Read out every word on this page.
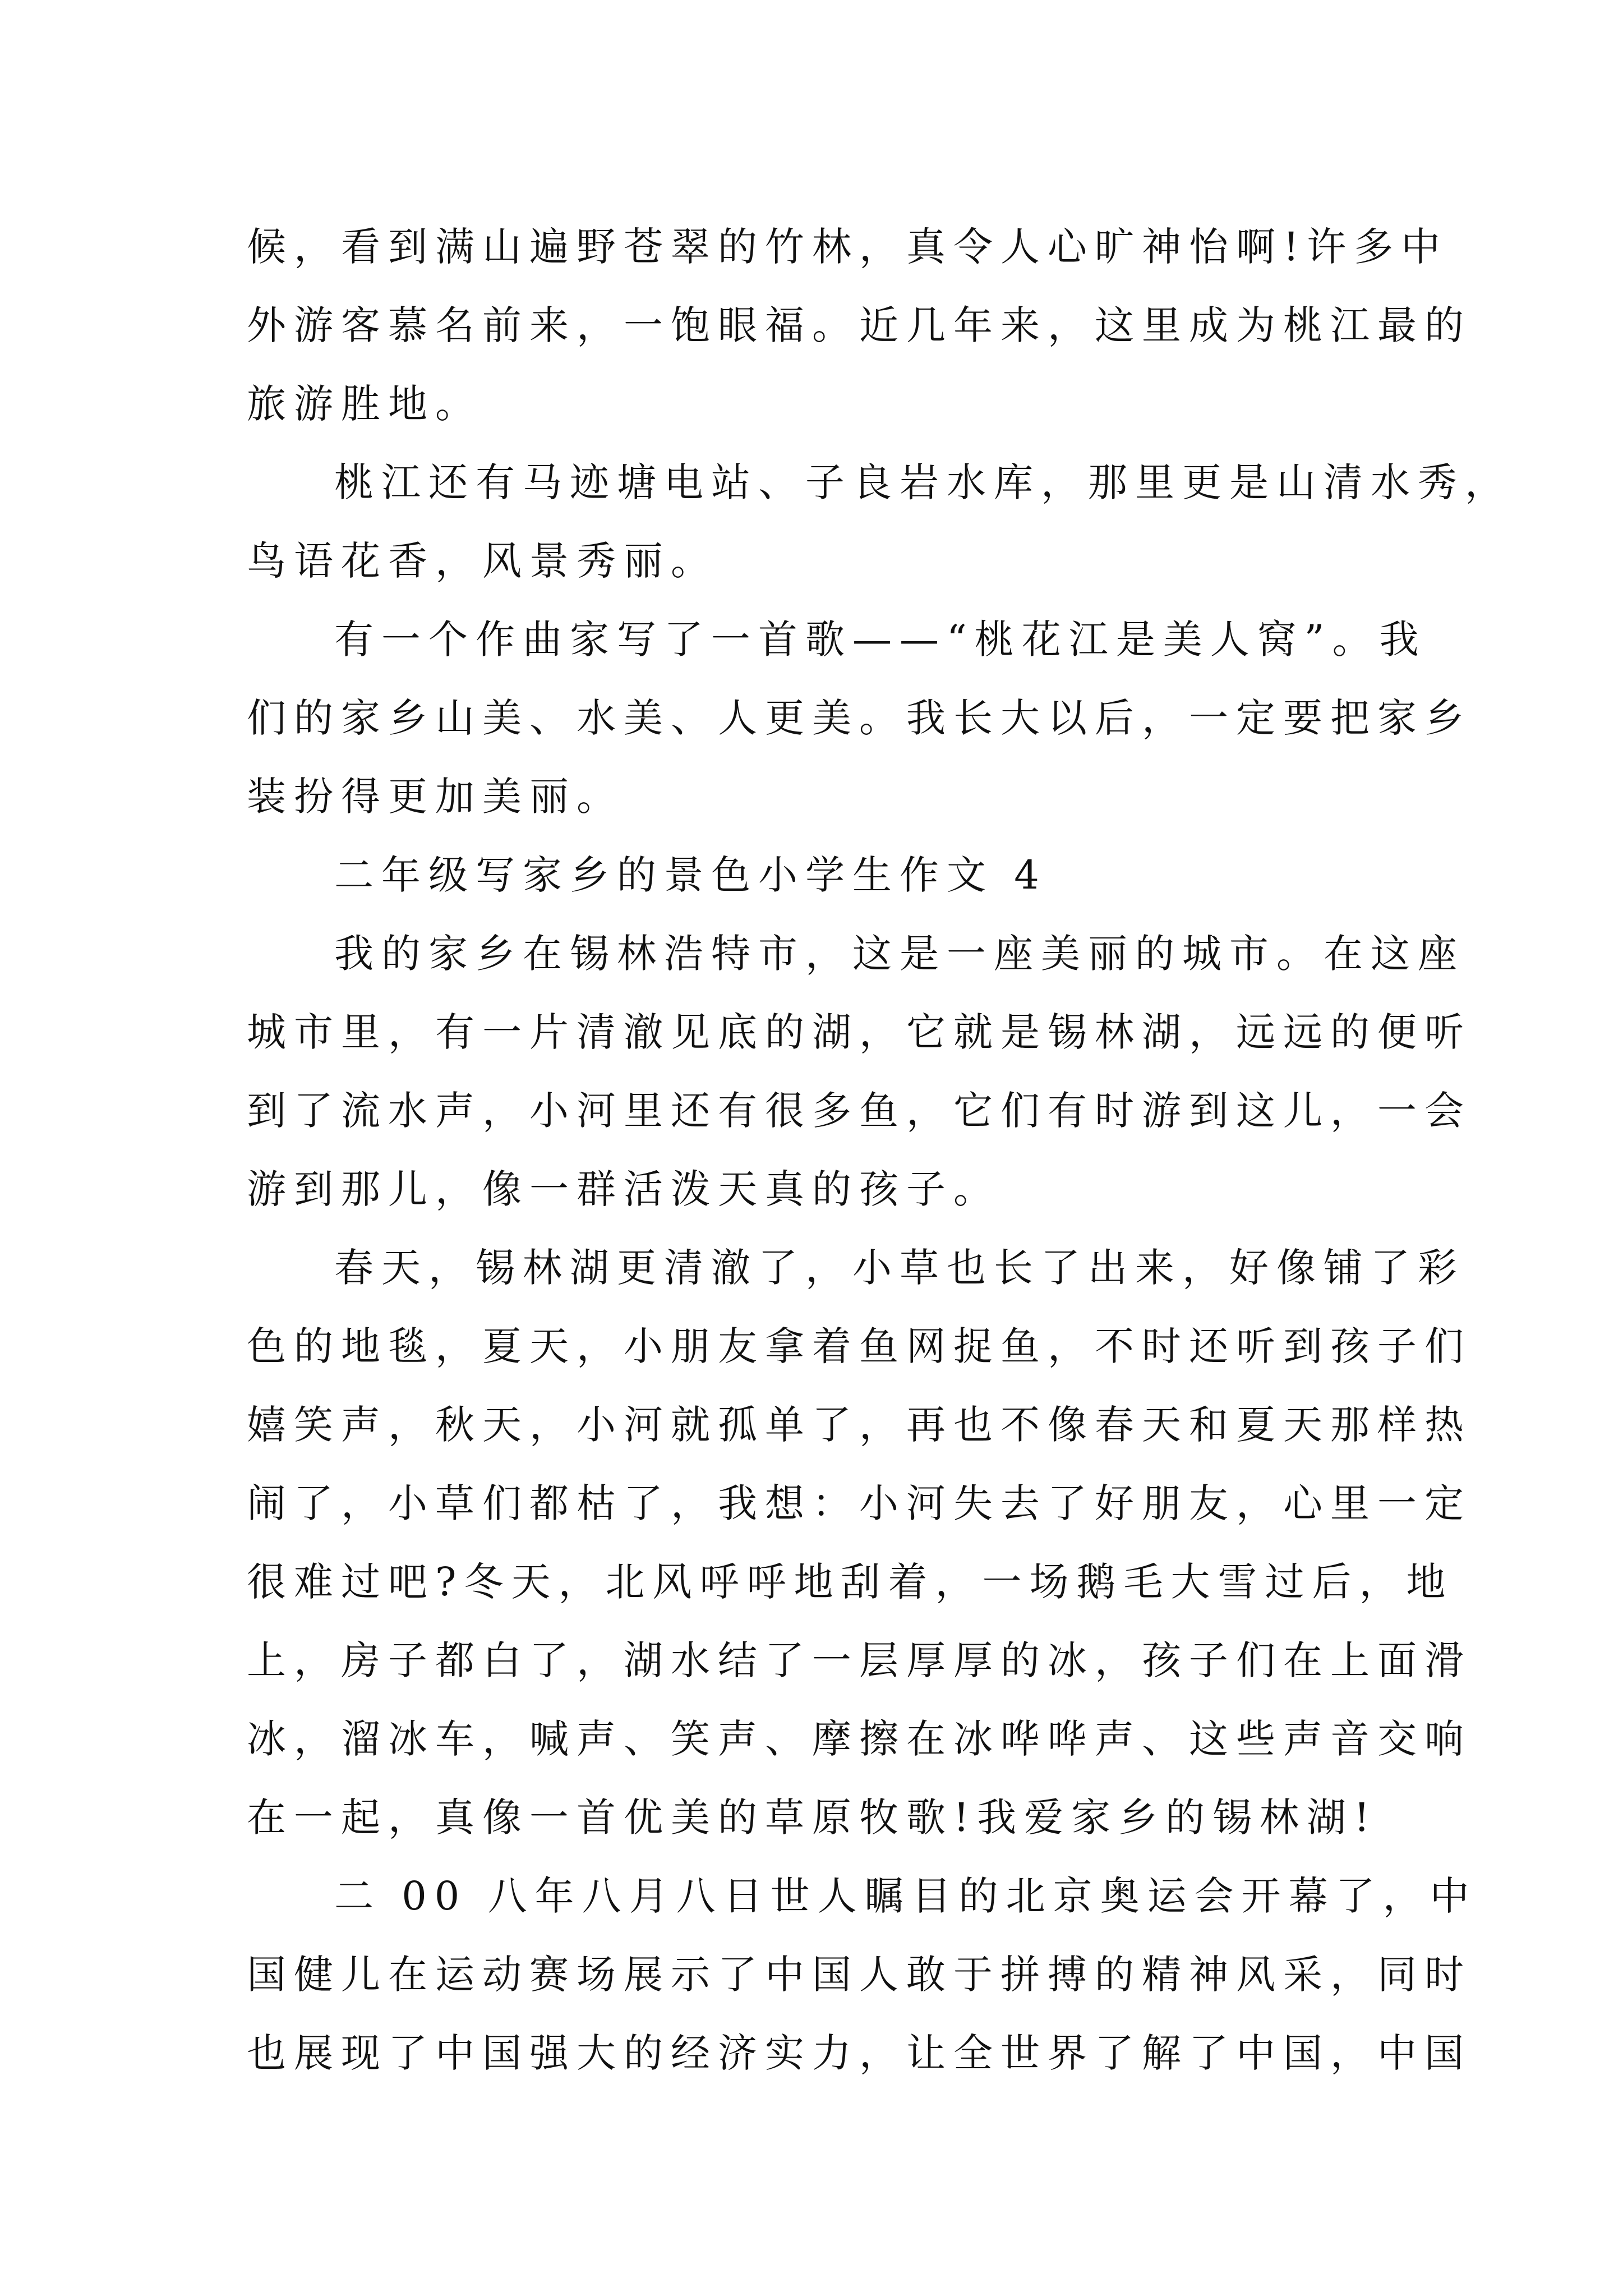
候，看到满山遍野苍翠的竹林，真令人心旷神怡啊!许多中
外游客慕名前来，一饱眼福。近几年来，这里成为桃江最的
旅游胜地。
桃江还有马迹塘电站、子良岩水库，那里更是山清水秀，
鸟语花香，风景秀丽。
有一个作曲家写了一首歌——“桃花江是美人窝”。我
们的家乡山美、水美、人更美。我长大以后，一定要把家乡
装扮得更加美丽。
二年级写家乡的景色小学生作文 4
我的家乡在锡林浩特市，这是一座美丽的城市。在这座
城市里，有一片清澈见底的湖，它就是锡林湖，远远的便听
到了流水声，小河里还有很多鱼，它们有时游到这儿，一会
游到那儿，像一群活泼天真的孩子。
春天，锡林湖更清澈了，小草也长了出来，好像铺了彩
色的地毯，夏天，小朋友拿着鱼网捉鱼，不时还听到孩子们
嬉笑声，秋天，小河就孤单了，再也不像春天和夏天那样热
闹了，小草们都枯了，我想：小河失去了好朋友，心里一定
很难过吧?冬天，北风呼呼地刮着，一场鹅毛大雪过后，地
上，房子都白了，湖水结了一层厚厚的冰，孩子们在上面滑
冰，溜冰车，喊声、笑声、摩擦在冰哗哗声、这些声音交响
在一起，真像一首优美的草原牧歌!我爱家乡的锡林湖!
二 00 八年八月八日世人瞩目的北京奥运会开幕了，中
国健儿在运动赛场展示了中国人敢于拼搏的精神风采，同时
也展现了中国强大的经济实力，让全世界了解了中国，中国
